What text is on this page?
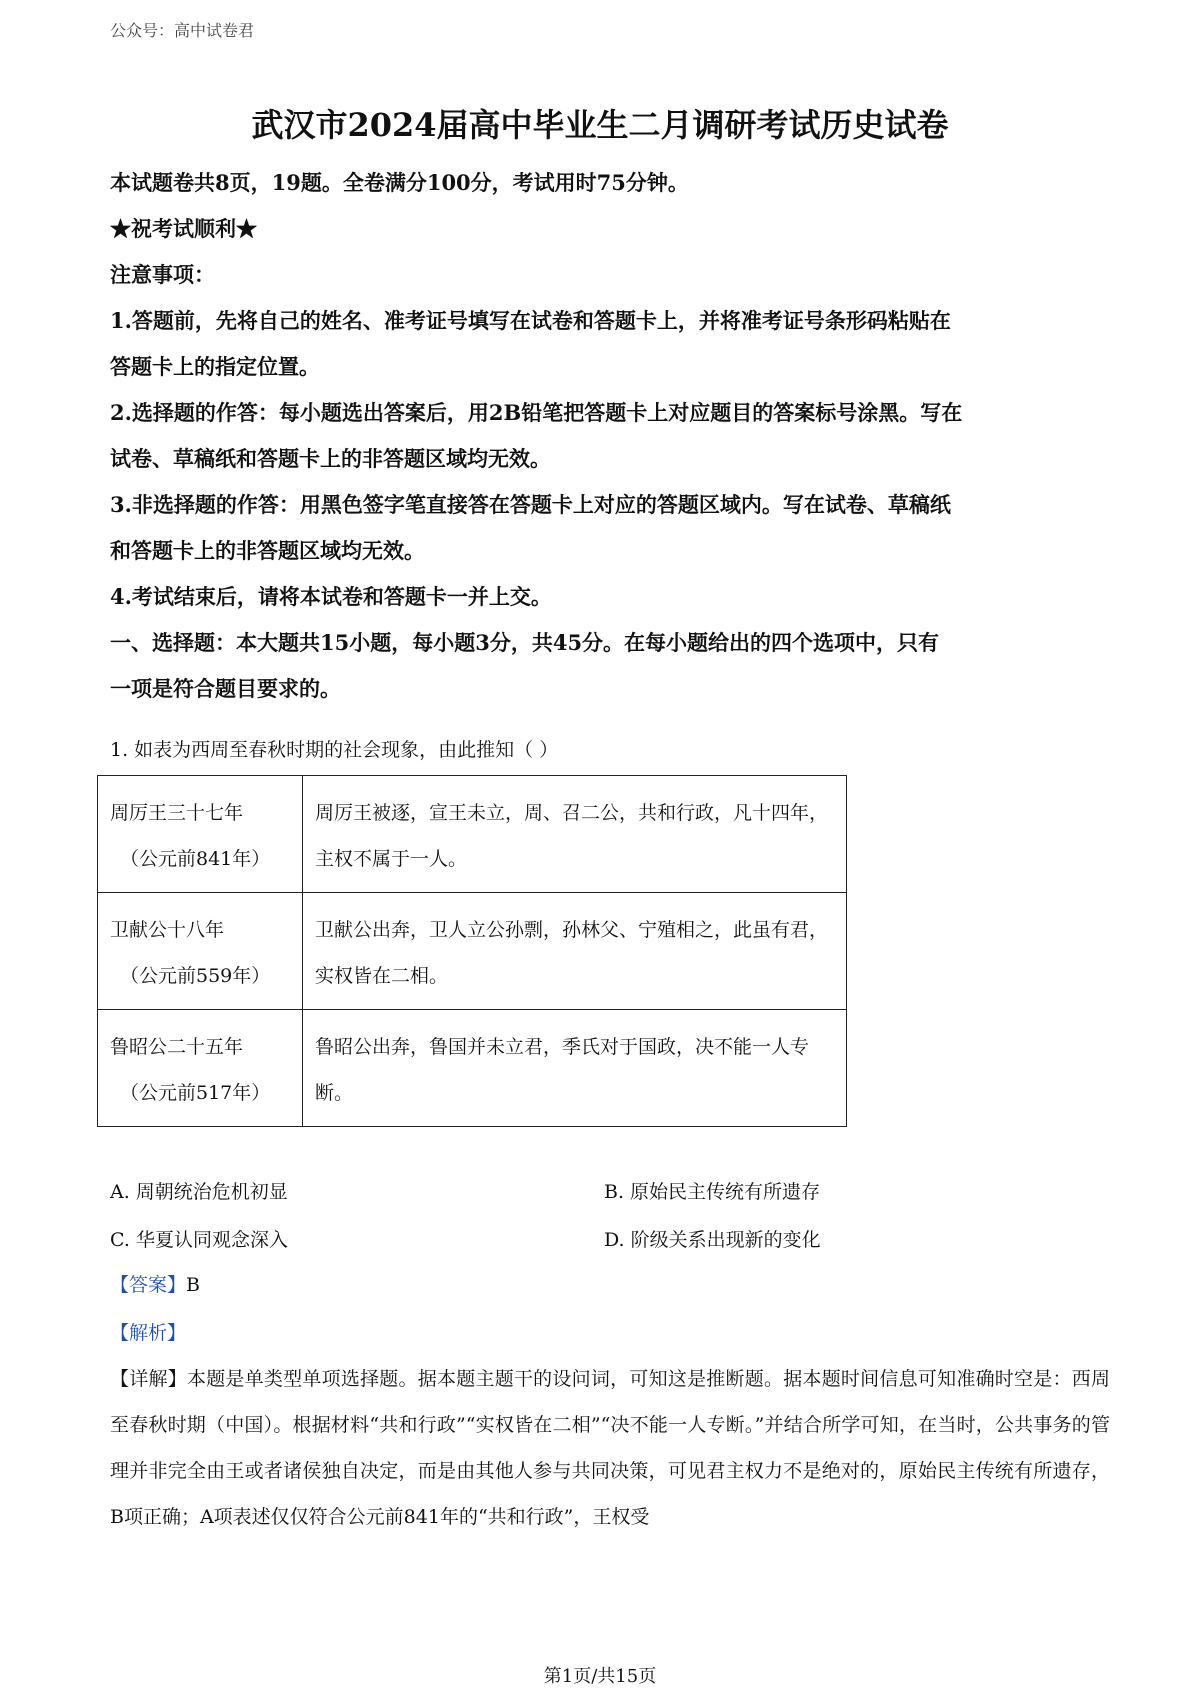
公众号：高中试卷君
武汉市2024届高中毕业生二月调研考试历史试卷

本试题卷共8页，19题。全卷满分100分，考试用时75分钟。

★祝考试顺利★

注意事项：

1.答题前，先将自己的姓名、准考证号填写在试卷和答题卡上，并将准考证号条形码粘贴在

答题卡上的指定位置。

2.选择题的作答：每小题选出答案后，用2B铅笔把答题卡上对应题目的答案标号涂黑。写在

试卷、草稿纸和答题卡上的非答题区域均无效。

3.非选择题的作答：用黑色签字笔直接答在答题卡上对应的答题区域内。写在试卷、草稿纸

和答题卡上的非答题区域均无效。

4.考试结束后，请将本试卷和答题卡一并上交。

一、选择题：本大题共15小题，每小题3分，共45分。在每小题给出的四个选项中，只有

一项是符合题目要求的。

1. 如表为西周至春秋时期的社会现象，由此推知（ ）
周厉王三十七年
（公元前841年）	周厉王被逐，宣王未立，周、召二公，共和行政，凡十四年，主权不属于一人。

卫献公十八年
（公元前559年）	卫献公出奔，卫人立公孙剽，孙林父、宁殖相之，此虽有君，实权皆在二相。

鲁昭公二十五年
（公元前517年）	鲁昭公出奔，鲁国并未立君，季氏对于国政，决不能一人专断。
A. 周朝统治危机初显	B. 原始民主传统有所遗存
C. 华夏认同观念深入	D. 阶级关系出现新的变化
【答案】B
【解析】
【详解】本题是单类型单项选择题。据本题主题干的设问词，可知这是推断题。据本题时间信息可知准确时空是：西周至春秋时期（中国）。根据材料“共和行政”“实权皆在二相”“决不能一人专断。”并结合所学可知，在当时，公共事务的管理并非完全由王或者诸侯独自决定，而是由其他人参与共同决策，可见君主权力不是绝对的，原始民主传统有所遗存，B项正确；A项表述仅仅符合公元前841年的“共和行政”，王权受
第1页/共15页
